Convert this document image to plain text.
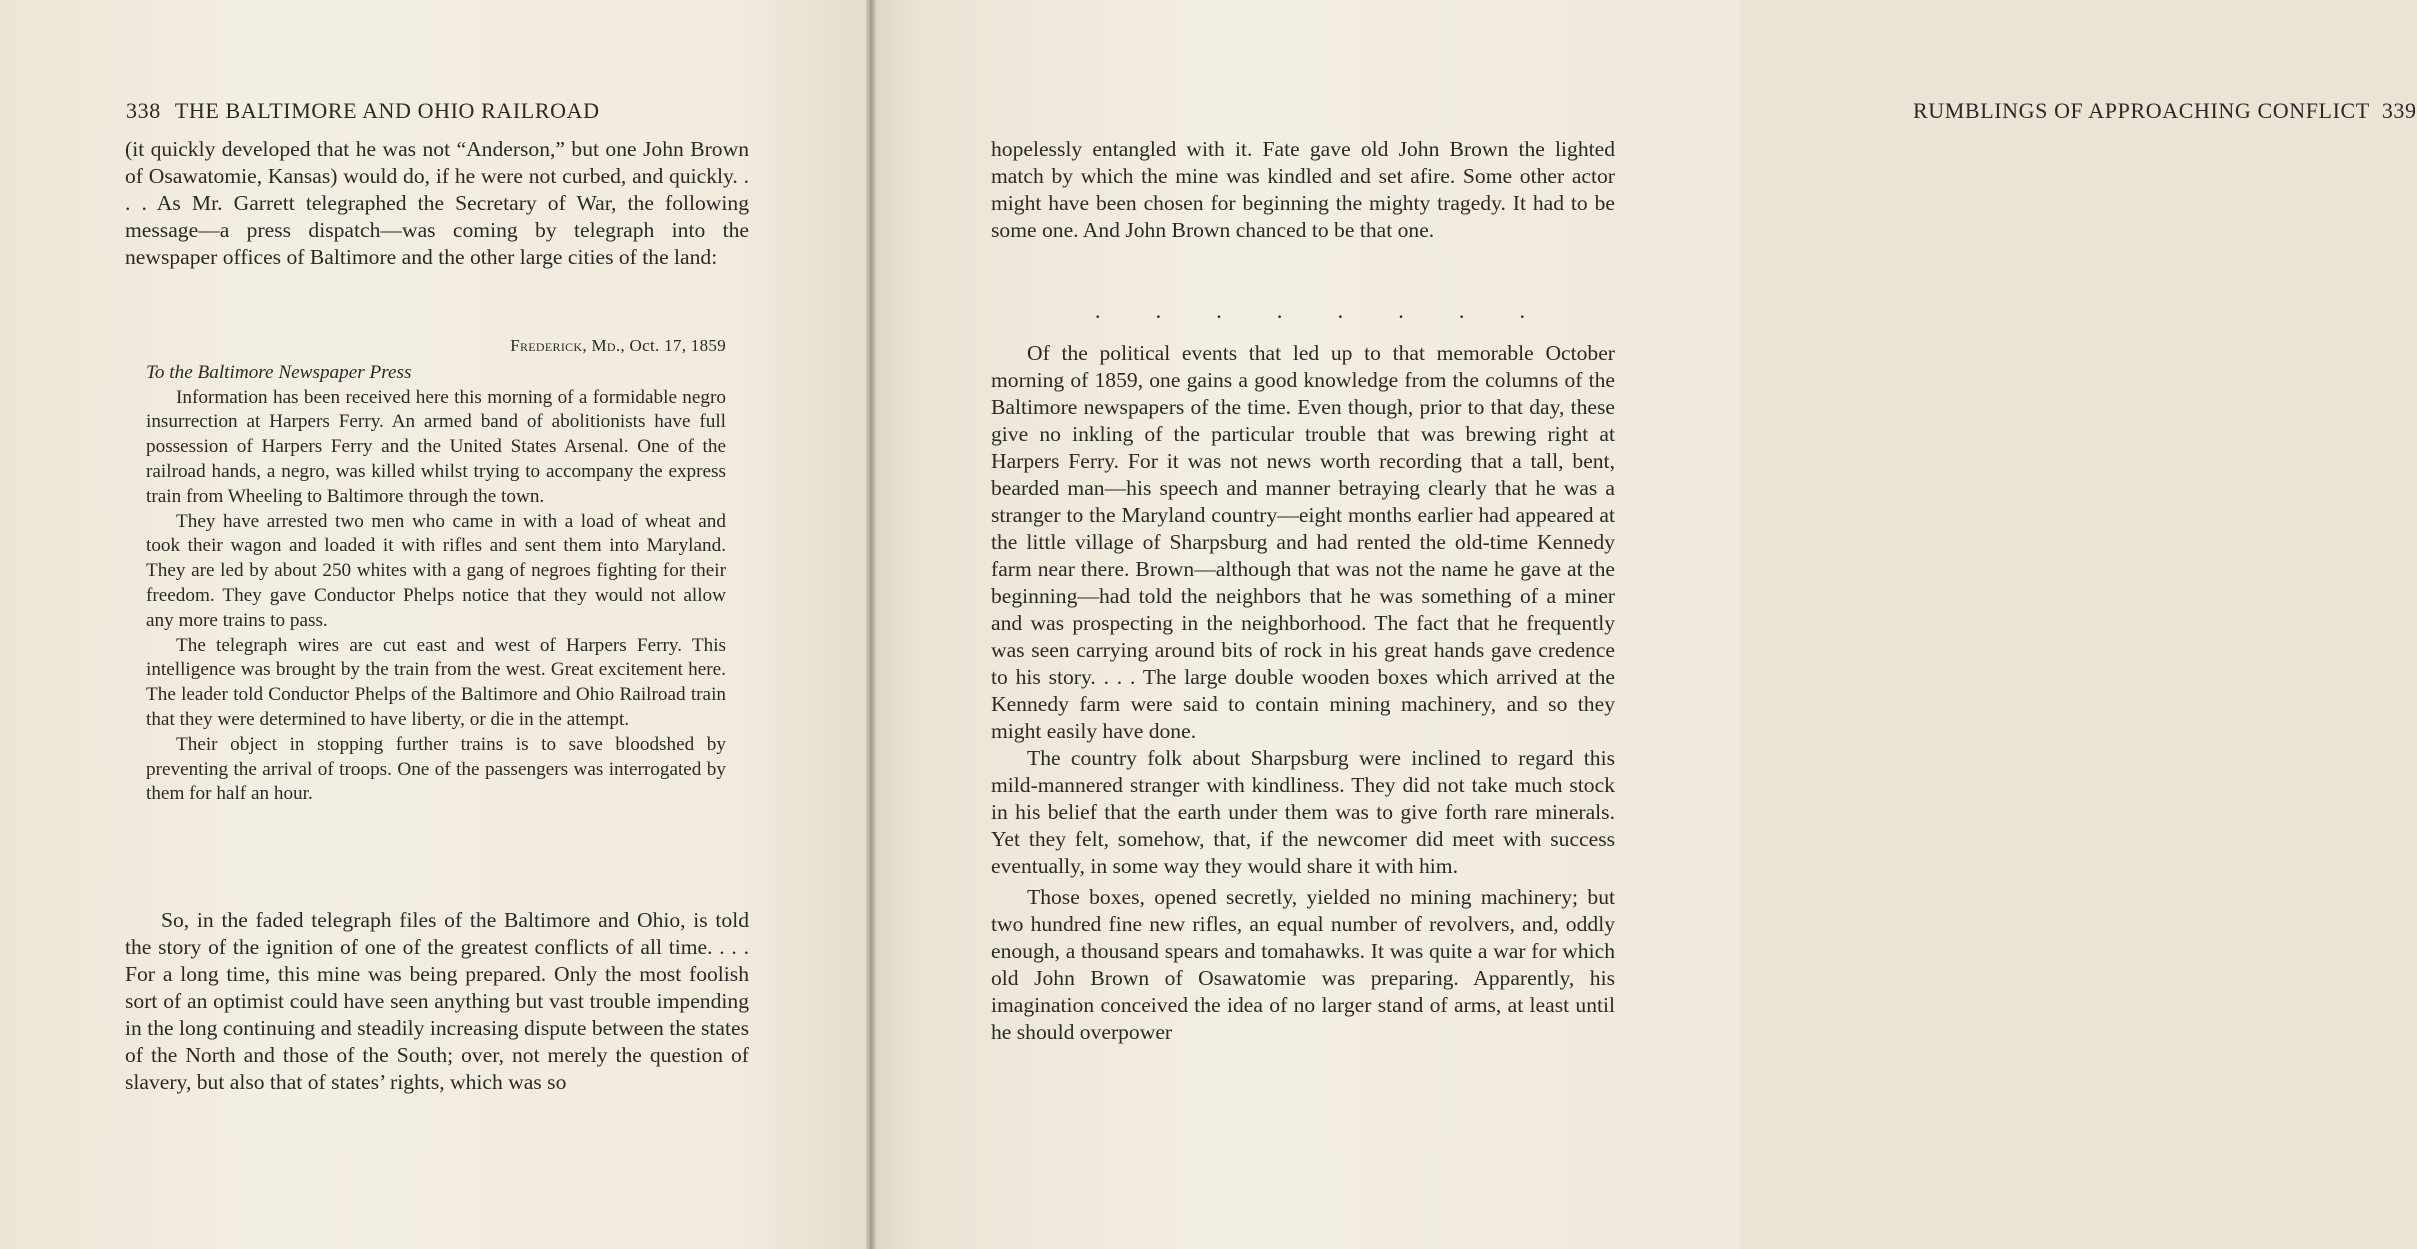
338 THE BALTIMORE AND OHIO RAILROAD

(it quickly developed that he was not “Anderson,” but one John Brown of Osawatomie, Kansas) would do, if he were not curbed, and quickly. . . . As Mr. Garrett telegraphed the Secretary of War, the following message—a press dispatch—was coming by telegraph into the newspaper offices of Baltimore and the other large cities of the land:

Frederick, Md., Oct. 17, 1859

To the Baltimore Newspaper Press

Information has been received here this morning of a formidable negro insurrection at Harpers Ferry. An armed band of abolitionists have full possession of Harpers Ferry and the United States Arsenal. One of the railroad hands, a negro, was killed whilst trying to accompany the express train from Wheeling to Baltimore through the town.

They have arrested two men who came in with a load of wheat and took their wagon and loaded it with rifles and sent them into Maryland. They are led by about 250 whites with a gang of negroes fighting for their freedom. They gave Conductor Phelps notice that they would not allow any more trains to pass.

The telegraph wires are cut east and west of Harpers Ferry. This intelligence was brought by the train from the west. Great excitement here. The leader told Conductor Phelps of the Baltimore and Ohio Railroad train that they were determined to have liberty, or die in the attempt.

Their object in stopping further trains is to save bloodshed by preventing the arrival of troops. One of the passengers was interrogated by them for half an hour.

So, in the faded telegraph files of the Baltimore and Ohio, is told the story of the ignition of one of the greatest conflicts of all time. . . . For a long time, this mine was being prepared. Only the most foolish sort of an optimist could have seen anything but vast trouble impending in the long continuing and steadily increasing dispute between the states of the North and those of the South; over, not merely the question of slavery, but also that of states’ rights, which was so

RUMBLINGS OF APPROACHING CONFLICT 339

hopelessly entangled with it. Fate gave old John Brown the lighted match by which the mine was kindled and set afire. Some other actor might have been chosen for beginning the mighty tragedy. It had to be some one. And John Brown chanced to be that one.

.	.	.	.	.	.	.	.

Of the political events that led up to that memorable October morning of 1859, one gains a good knowledge from the columns of the Baltimore newspapers of the time. Even though, prior to that day, these give no inkling of the particular trouble that was brewing right at Harpers Ferry. For it was not news worth recording that a tall, bent, bearded man—his speech and manner betraying clearly that he was a stranger to the Maryland country—eight months earlier had appeared at the little village of Sharpsburg and had rented the old-time Kennedy farm near there. Brown—although that was not the name he gave at the beginning—had told the neighbors that he was something of a miner and was prospecting in the neighborhood. The fact that he frequently was seen carrying around bits of rock in his great hands gave credence to his story. . . . The large double wooden boxes which arrived at the Kennedy farm were said to contain mining machinery, and so they might easily have done.

The country folk about Sharpsburg were inclined to regard this mild-mannered stranger with kindliness. They did not take much stock in his belief that the earth under them was to give forth rare minerals. Yet they felt, somehow, that, if the newcomer did meet with success eventually, in some way they would share it with him.

Those boxes, opened secretly, yielded no mining machinery; but two hundred fine new rifles, an equal number of revolvers, and, oddly enough, a thousand spears and tomahawks. It was quite a war for which old John Brown of Osawatomie was preparing. Apparently, his imagination conceived the idea of no larger stand of arms, at least until he should overpower
